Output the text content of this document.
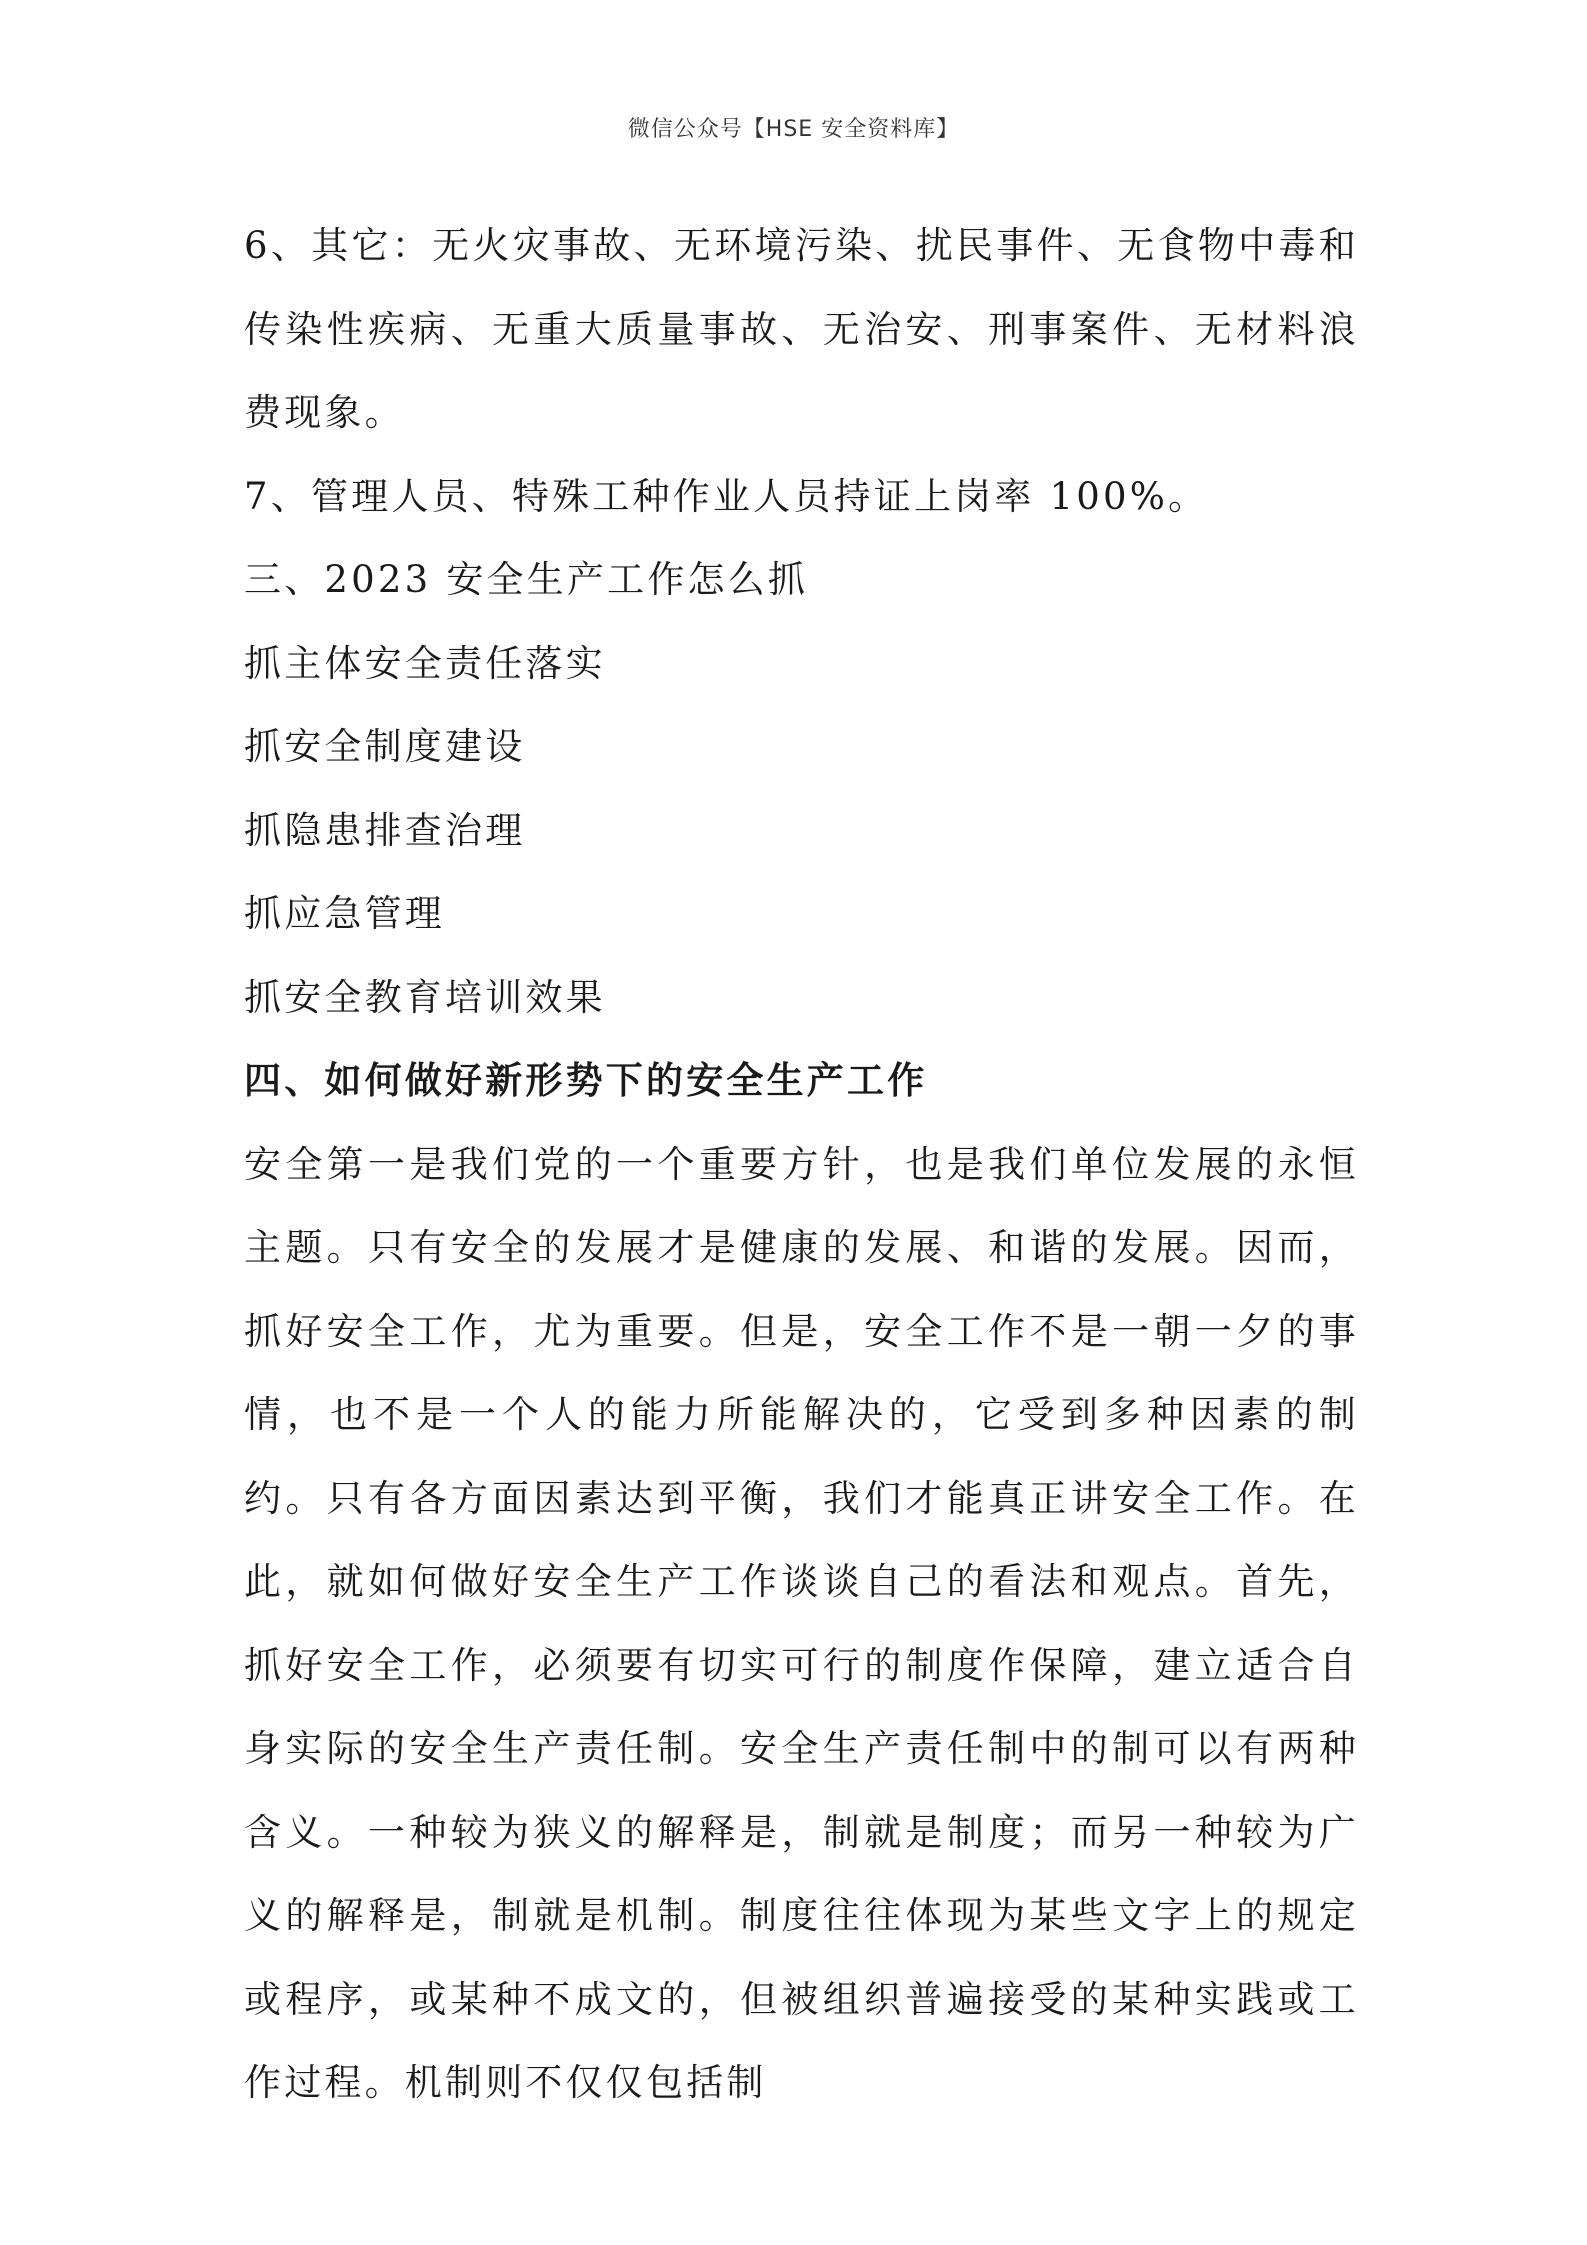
微信公众号【HSE 安全资料库】

6、其它：无火灾事故、无环境污染、扰民事件、无食物中毒和传染性疾病、无重大质量事故、无治安、刑事案件、无材料浪费现象。

7、管理人员、特殊工种作业人员持证上岗率 100%。

三、2023 安全生产工作怎么抓

抓主体安全责任落实

抓安全制度建设

抓隐患排查治理

抓应急管理

抓安全教育培训效果

四、如何做好新形势下的安全生产工作

安全第一是我们党的一个重要方针，也是我们单位发展的永恒主题。只有安全的发展才是健康的发展、和谐的发展。因而，抓好安全工作，尤为重要。但是，安全工作不是一朝一夕的事情，也不是一个人的能力所能解决的，它受到多种因素的制约。只有各方面因素达到平衡，我们才能真正讲安全工作。在此，就如何做好安全生产工作谈谈自己的看法和观点。首先，抓好安全工作，必须要有切实可行的制度作保障，建立适合自身实际的安全生产责任制。安全生产责任制中的制可以有两种含义。一种较为狭义的解释是，制就是制度；而另一种较为广义的解释是，制就是机制。制度往往体现为某些文字上的规定或程序，或某种不成文的，但被组织普遍接受的某种实践或工作过程。机制则不仅仅包括制
